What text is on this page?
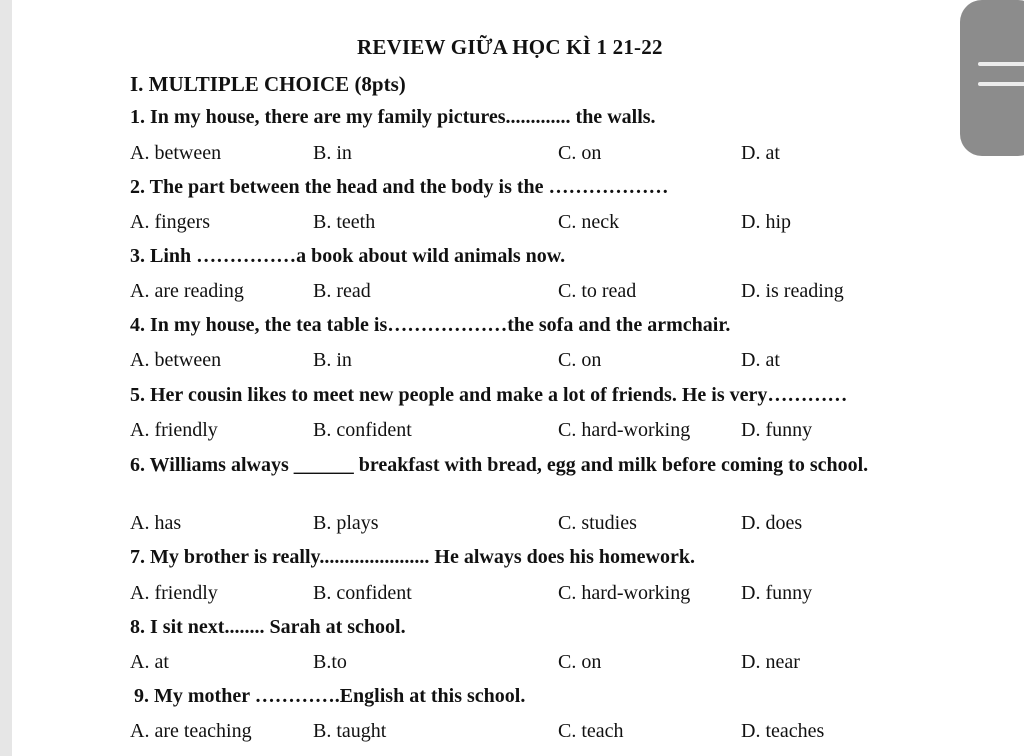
REVIEW GIỮA HỌC KÌ 1 21-22
I. MULTIPLE CHOICE (8pts)
1. In my house, there are my family pictures............. the walls.
A. between	B. in	C. on	D. at
2. The part between the head and the body is the ………………
A. fingers	B. teeth	C. neck	D. hip
3. Linh ……………a book about wild animals now.
A. are reading	B. read	C. to read	D. is reading
4. In my house, the tea table is………………the sofa and the armchair.
A. between	B. in	C. on	D. at
5. Her cousin likes to meet new people and make a lot of friends. He is very…………
A. friendly	B. confident	C. hard-working	D. funny
6. Williams always ______ breakfast with bread, egg and milk before coming to school.
A. has	B. plays	C. studies	D. does
7. My brother is really...................... He always does his homework.
A. friendly	B. confident	C. hard-working	D. funny
8. I sit next........ Sarah at school.
A. at	B.to	C. on	D. near
9. My mother ………….English at this school.
A. are teaching	B. taught	C. teach	D. teaches
